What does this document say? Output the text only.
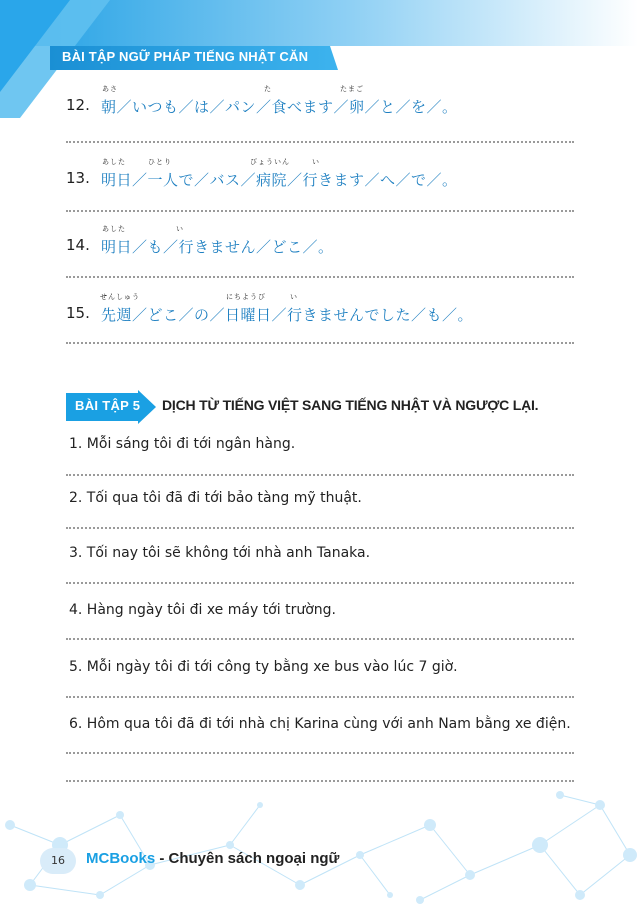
BÀI TẬP NGỮ PHÁP TIẾNG NHẬT CĂN BẢN	あさ	た	たまご
12. 朝／いつも／は／パン／食べます／卵／と／を／。
あした	ひとり	びょういん	い
13. 明日／一人で／バス／病院／行きます／へ／で／。
あした	い
14. 明日／も／行きません／どこ／。
せんしゅう	にちようび	い
15. 先週／どこ／の／日曜日／行きませんでした／も／。
BÀI TẬP 5 DỊCH TỪ TIẾNG VIỆT SANG TIẾNG NHẬT VÀ NGƯỢC LẠI.
1. Mỗi sáng tôi đi tới ngân hàng.
2. Tối qua tôi đã đi tới bảo tàng mỹ thuật.
3. Tối nay tôi sẽ không tới nhà anh Tanaka.
4. Hàng ngày tôi đi xe máy tới trường.
5. Mỗi ngày tôi đi tới công ty bằng xe bus vào lúc 7 giờ.
6. Hôm qua tôi đã đi tới nhà chị Karina cùng với anh Nam bằng xe điện.
16	MCBooks - Chuyên sách ngoại ngữ
